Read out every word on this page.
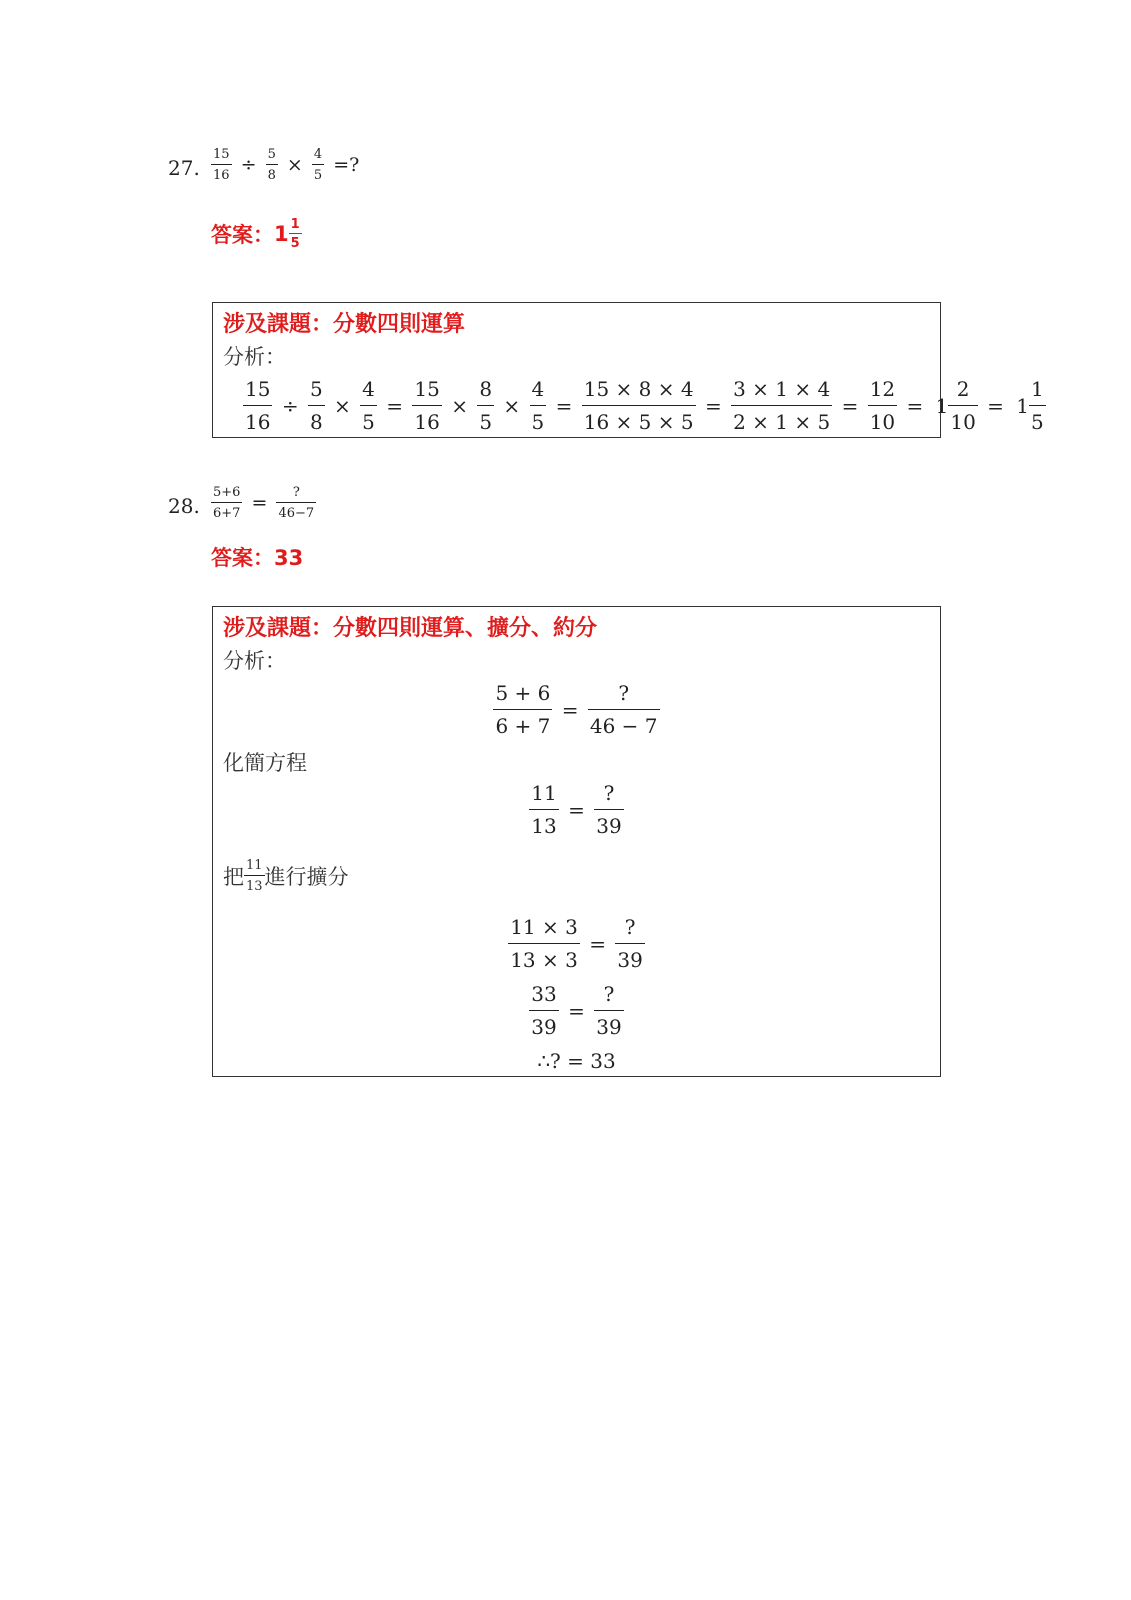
27. $\frac{15}{16} \div \frac{5}{8} \times \frac{4}{5}$ =?
答案：$1 \frac{1}{5}$
涉及課題：分數四則運算
分析：
$\frac{15}{16} \div \frac{5}{8} \times \frac{4}{5} = \frac{15}{16} \times \frac{8}{5} \times \frac{4}{5} = \frac{15 \times 8 \times 4}{16 \times 5 \times 5} = \frac{3 \times 1 \times 4}{2 \times 1 \times 5} = \frac{12}{10} = 1 \frac{2}{10} = 1 \frac{1}{5}$
28. $\frac{5+6}{6+7} = \frac{?}{46-7}$
答案：33
涉及課題：分數四則運算、擴分、約分
分析：
$\frac{5 + 6}{6 + 7} = \frac{?}{46 - 7}$
化簡方程
$\frac{11}{13} = \frac{?}{39}$
把 $\frac{11}{13}$ 進行擴分
$\frac{11 \times 3}{13 \times 3} = \frac{?}{39}$
$\frac{33}{39} = \frac{?}{39}$
∴? = 33
